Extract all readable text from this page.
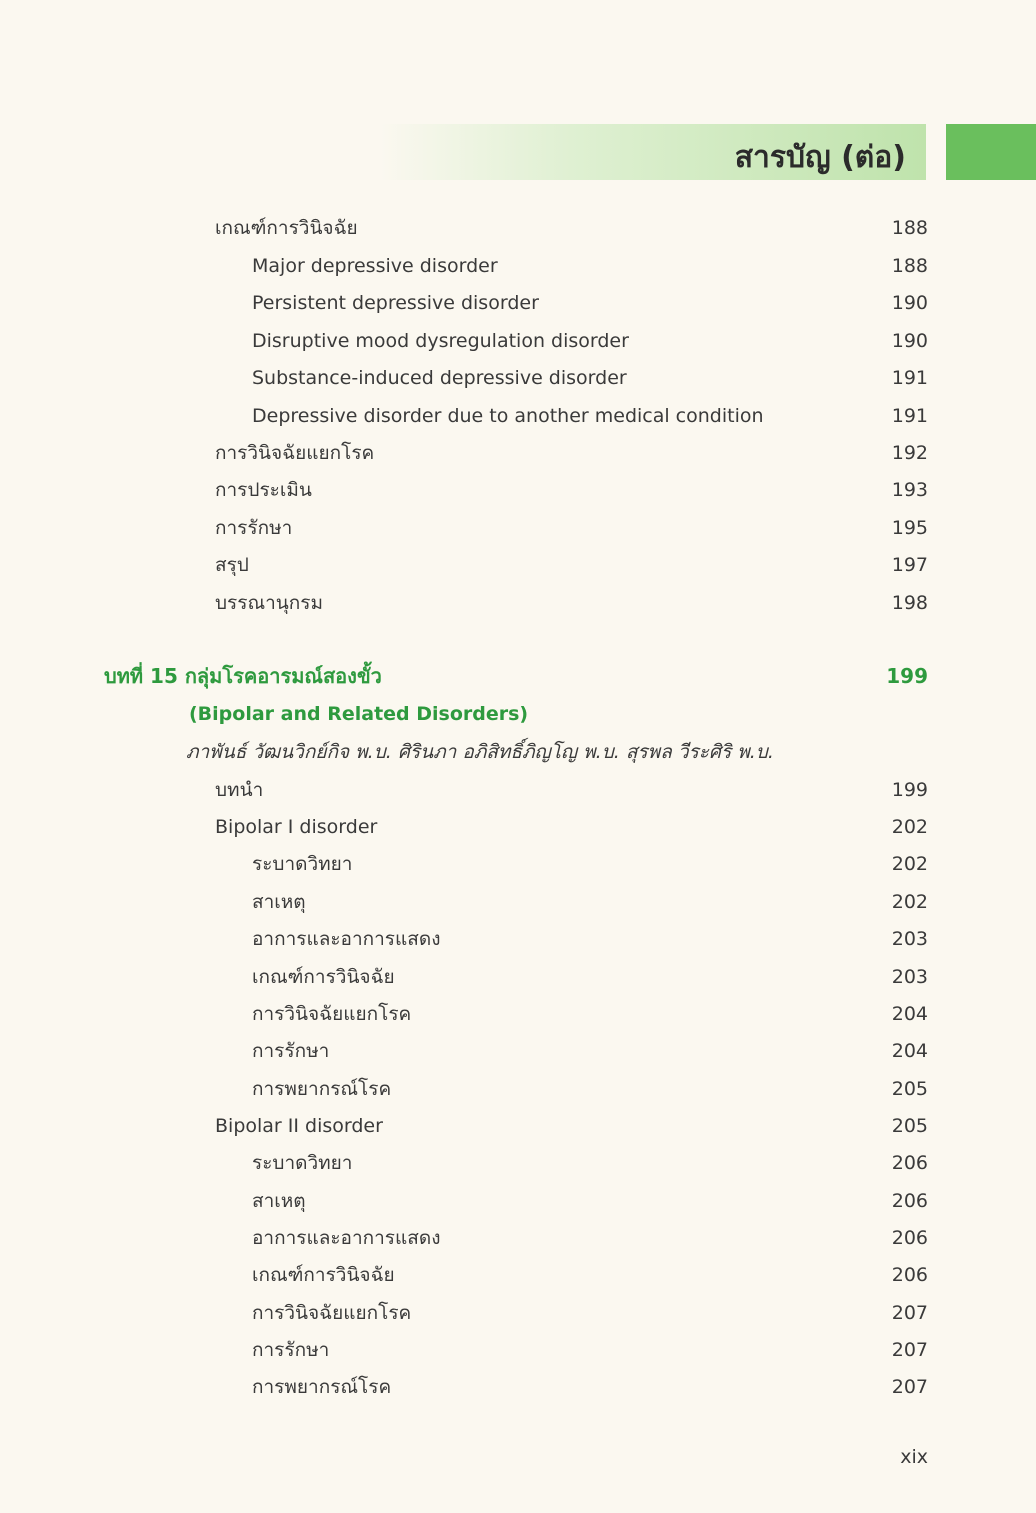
สารบัญ (ต่อ)
เกณฑ์การวินิจฉัย	188
Major depressive disorder	188
Persistent depressive disorder	190
Disruptive mood dysregulation disorder	190
Substance-induced depressive disorder	191
Depressive disorder due to another medical condition	191
การวินิจฉัยแยกโรค	192
การประเมิน	193
การรักษา	195
สรุป	197
บรรณานุกรม	198
บทที่ 15 กลุ่มโรคอารมณ์สองขั้ว	199
(Bipolar and Related Disorders)
ภาพันธ์ วัฒนวิกย์กิจ พ.บ. ศิรินภา อภิสิทธิ์ภิญโญ พ.บ. สุรพล วีระศิริ พ.บ.
บทนำ	199
Bipolar I disorder	202
ระบาดวิทยา	202
สาเหตุ	202
อาการและอาการแสดง	203
เกณฑ์การวินิจฉัย	203
การวินิจฉัยแยกโรค	204
การรักษา	204
การพยากรณ์โรค	205
Bipolar II disorder	205
ระบาดวิทยา	206
สาเหตุ	206
อาการและอาการแสดง	206
เกณฑ์การวินิจฉัย	206
การวินิจฉัยแยกโรค	207
การรักษา	207
การพยากรณ์โรค	207
xix
